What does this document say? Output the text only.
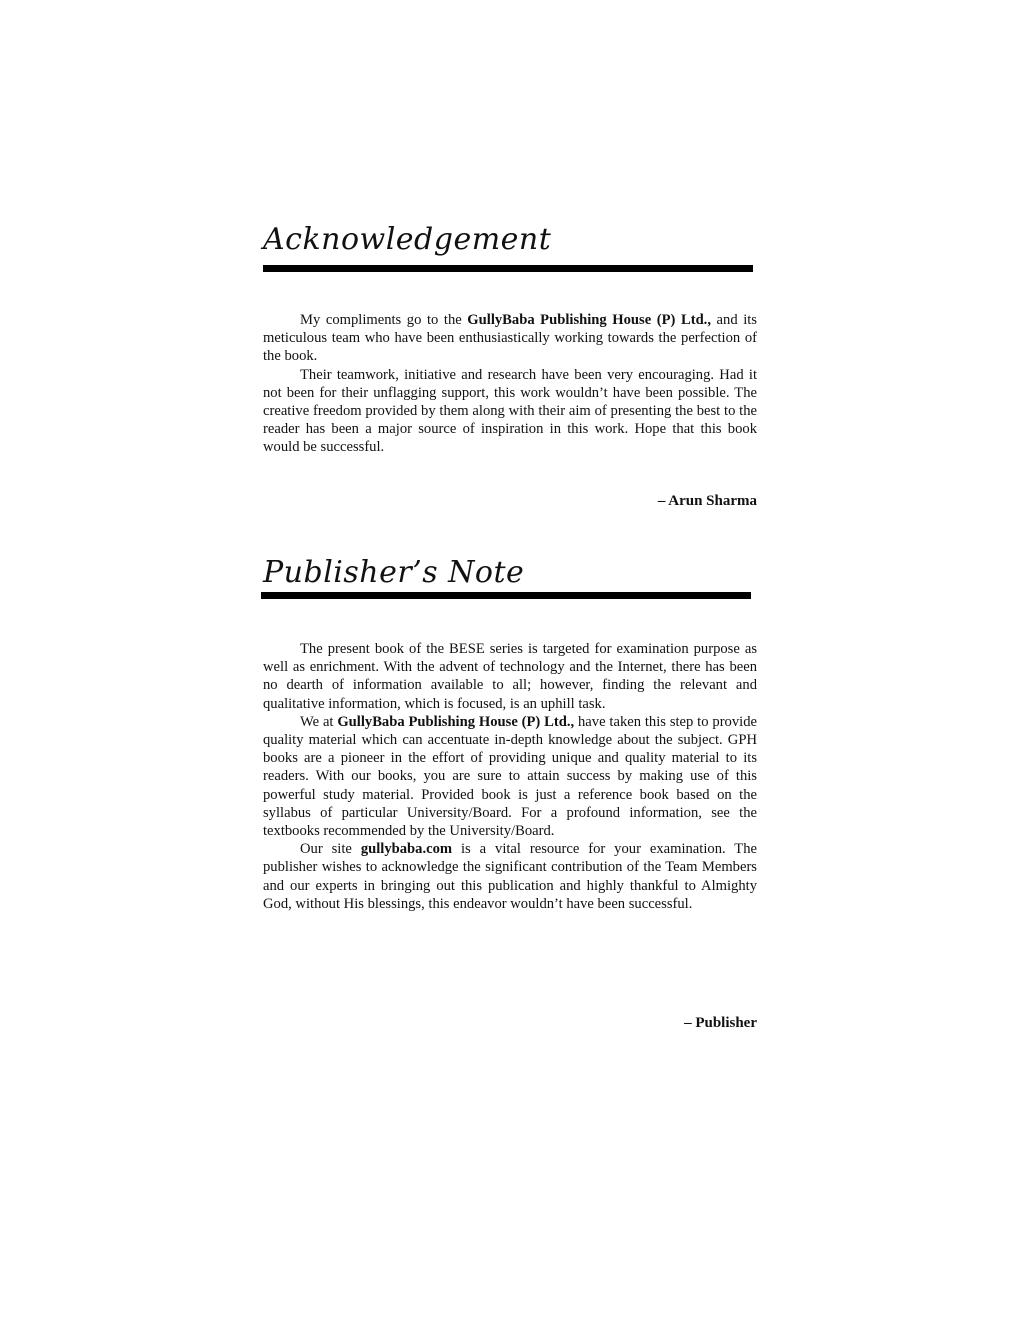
Acknowledgement

My compliments go to the GullyBaba Publishing House (P) Ltd., and its meticulous team who have been enthusiastically working towards the perfection of the book.

Their teamwork, initiative and research have been very encouraging. Had it not been for their unflagging support, this work wouldn’t have been possible. The creative freedom provided by them along with their aim of presenting the best to the reader has been a major source of inspiration in this work. Hope that this book would be successful.

– Arun Sharma
Publisher’s Note

The present book of the BESE series is targeted for examination purpose as well as enrichment. With the advent of technology and the Internet, there has been no dearth of information available to all; however, finding the relevant and qualitative information, which is focused, is an uphill task.

We at GullyBaba Publishing House (P) Ltd., have taken this step to provide quality material which can accentuate in-depth knowledge about the subject. GPH books are a pioneer in the effort of providing unique and quality material to its readers. With our books, you are sure to attain success by making use of this powerful study material. Provided book is just a reference book based on the syllabus of particular University/Board. For a profound information, see the textbooks recommended by the University/Board.

Our site gullybaba.com is a vital resource for your examination. The publisher wishes to acknowledge the significant contribution of the Team Members and our experts in bringing out this publication and highly thankful to Almighty God, without His blessings, this endeavor wouldn’t have been successful.

– Publisher
